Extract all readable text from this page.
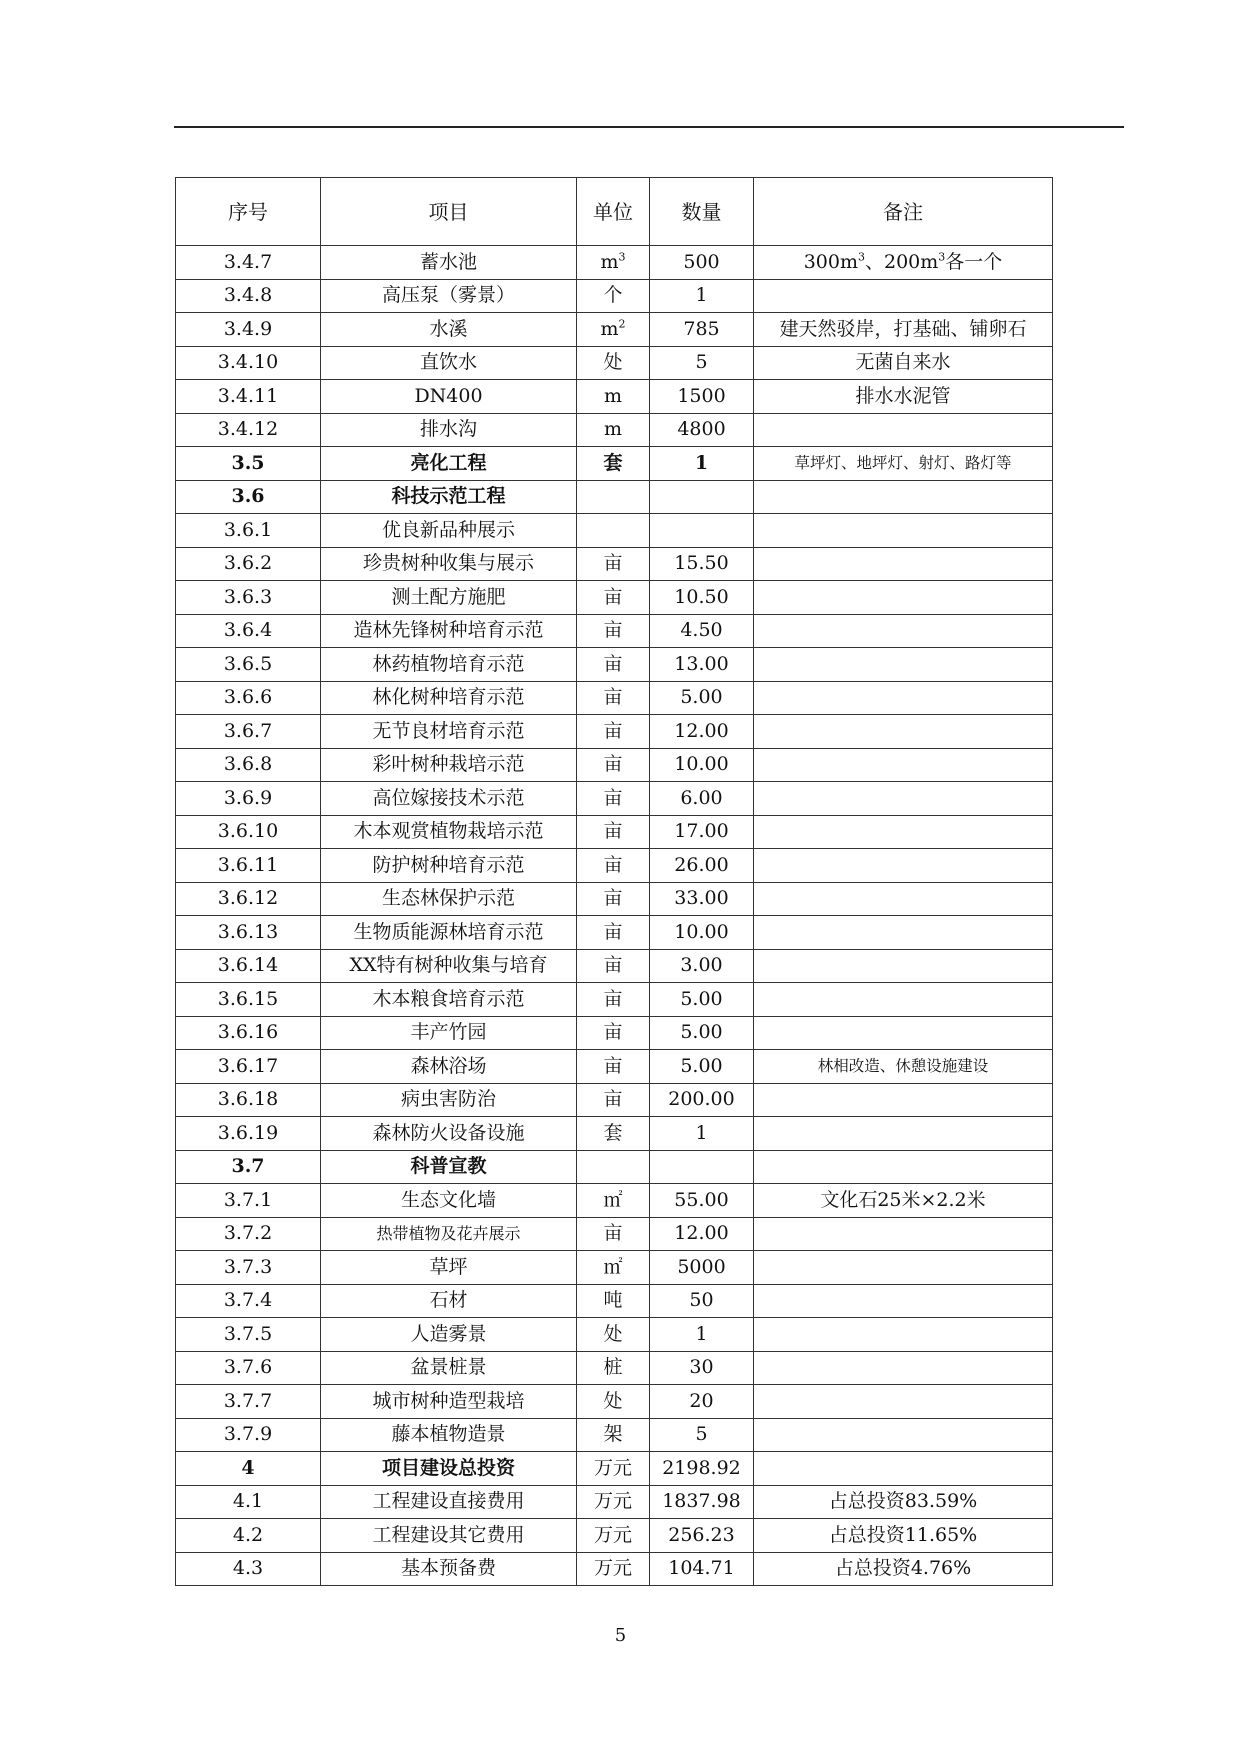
序号	项目	单位	数量	备注
3.4.7	蓄水池	$m^3$	500	$300m^3$、$200m^3$各一个
3.4.8	高压泵（雾景）	个	1	
3.4.9	水溪	$m^2$	785	建天然驳岸，打基础、铺卵石
3.4.10	直饮水	处	5	无菌自来水
3.4.11	DN400	m	1500	排水水泥管
3.4.12	排水沟	m	4800	
3.5	亮化工程	套	1	草坪灯、地坪灯、射灯、路灯等
3.6	科技示范工程			
3.6.1	优良新品种展示			
3.6.2	珍贵树种收集与展示	亩	15.50	
3.6.3	测土配方施肥	亩	10.50	
3.6.4	造林先锋树种培育示范	亩	4.50	
3.6.5	林药植物培育示范	亩	13.00	
3.6.6	林化树种培育示范	亩	5.00	
3.6.7	无节良材培育示范	亩	12.00	
3.6.8	彩叶树种栽培示范	亩	10.00	
3.6.9	高位嫁接技术示范	亩	6.00	
3.6.10	木本观赏植物栽培示范	亩	17.00	
3.6.11	防护树种培育示范	亩	26.00	
3.6.12	生态林保护示范	亩	33.00	
3.6.13	生物质能源林培育示范	亩	10.00	
3.6.14	XX特有树种收集与培育	亩	3.00	
3.6.15	木本粮食培育示范	亩	5.00	
3.6.16	丰产竹园	亩	5.00	
3.6.17	森林浴场	亩	5.00	林相改造、休憩设施建设
3.6.18	病虫害防治	亩	200.00	
3.6.19	森林防火设备设施	套	1	
3.7	科普宣教			
3.7.1	生态文化墙	㎡	55.00	文化石25米×2.2米
3.7.2	热带植物及花卉展示	亩	12.00	
3.7.3	草坪	㎡	5000	
3.7.4	石材	吨	50	
3.7.5	人造雾景	处	1	
3.7.6	盆景桩景	桩	30	
3.7.7	城市树种造型栽培	处	20	
3.7.9	藤本植物造景	架	5	
4	项目建设总投资	万元	2198.92	
4.1	工程建设直接费用	万元	1837.98	占总投资83.59%
4.2	工程建设其它费用	万元	256.23	占总投资11.65%
4.3	基本预备费	万元	104.71	占总投资4.76%
5
